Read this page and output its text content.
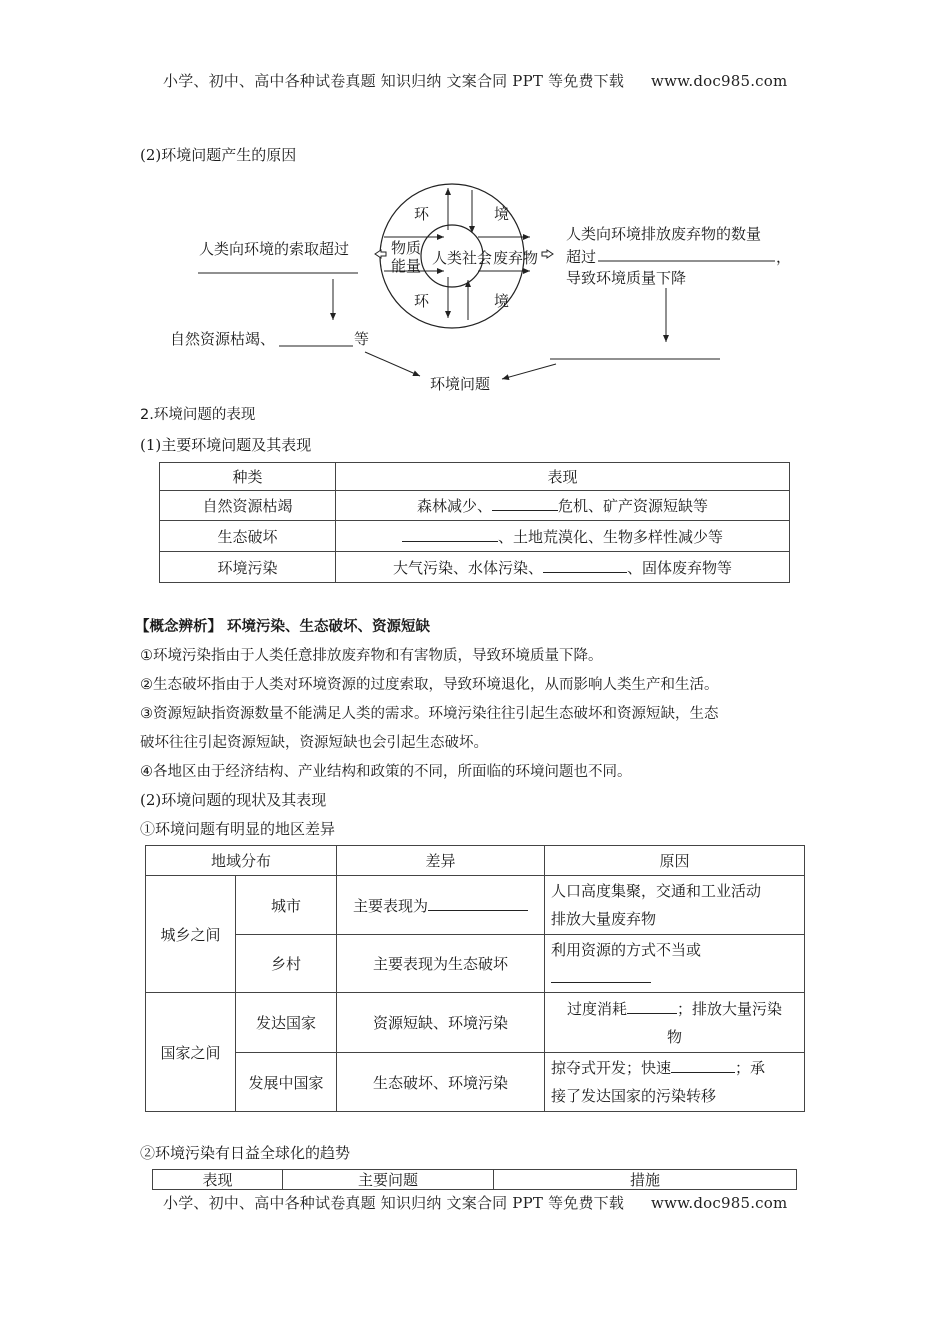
小学、初中、高中各种试卷真题 知识归纳 文案合同 PPT 等免费下载 www.doc985.com
(2)环境问题产生的原因
环	境
环	境
人类社会
物质
能量	废弃物
人类向环境的索取超过
自然资源枯竭、	等
人类向环境排放废弃物的数量
超过	，
导致环境质量下降
环境问题
2.环境问题的表现
(1)主要环境问题及其表现
种类	表现
自然资源枯竭	森林减少、 危机、矿产资源短缺等
生态破坏	、土地荒漠化、生物多样性减少等
环境污染	大气污染、水体污染、 、固体废弃物等
【概念辨析】 环境污染、生态破坏、资源短缺
①环境污染指由于人类任意排放废弃物和有害物质，导致环境质量下降。
②生态破坏指由于人类对环境资源的过度索取，导致环境退化，从而影响人类生产和生活。
③资源短缺指资源数量不能满足人类的需求。环境污染往往引起生态破坏和资源短缺，生态
破坏往往引起资源短缺，资源短缺也会引起生态破坏。
④各地区由于经济结构、产业结构和政策的不同，所面临的环境问题也不同。
(2)环境问题的现状及其表现
①环境问题有明显的地区差异
地域分布		差异	原因
城乡之间	城市	主要表现为	人口高度集聚，交通和工业活动
排放大量废弃物

	乡村	主要表现为生态破坏	利用资源的方式不当或

国家之间	发达国家	资源短缺、环境污染	过度消耗 ；排放大量污染
物

	发展中国家	生态破坏、环境污染	掠夺式开发；快速 ；承
接了发达国家的污染转移
②环境污染有日益全球化的趋势
表现	主要问题	措施
小学、初中、高中各种试卷真题 知识归纳 文案合同 PPT 等免费下载 www.doc985.com
